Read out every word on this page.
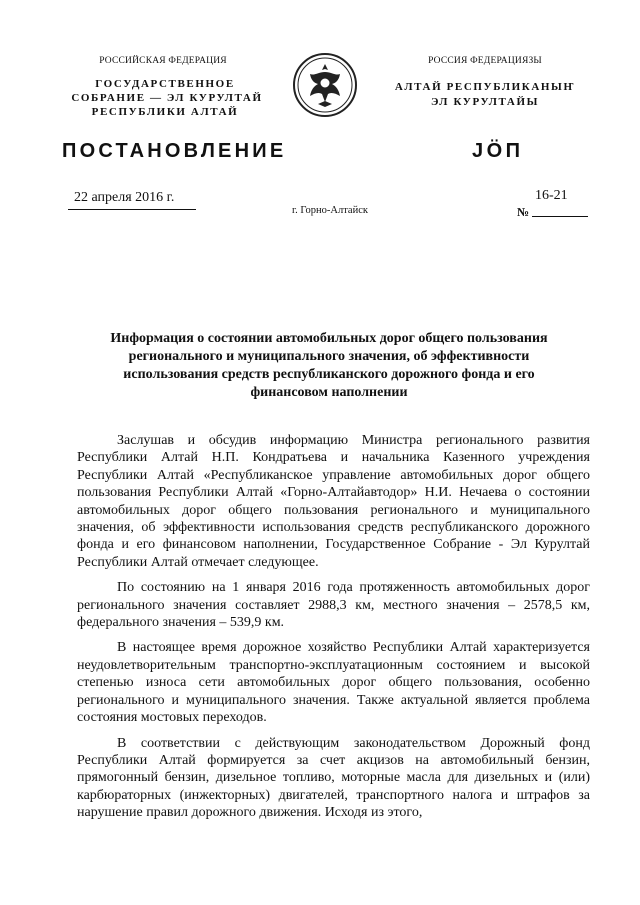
РОССИЙСКАЯ ФЕДЕРАЦИЯ
ГОСУДАРСТВЕННОЕ
СОБРАНИЕ — ЭЛ КУРУЛТАЙ
РЕСПУБЛИКИ АЛТАЙ
РОССИЯ ФЕДЕРАЦИЯЗЫ
АЛТАЙ РЕСПУБЛИКАНЫҤ
ЭЛ КУРУЛТАЙЫ
ПОСТАНОВЛЕНИЕ	ЈӦП
22 апреля 2016 г.
г. Горно-Алтайск
16-21
№
Информация о состоянии автомобильных дорог общего пользования регионального и муниципального значения, об эффективности использования средств республиканского дорожного фонда и его финансовом наполнении

Заслушав и обсудив информацию Министра регионального развития Республики Алтай Н.П. Кондратьева и начальника Казенного учреждения Республики Алтай «Республиканское управление автомобильных дорог общего пользования Республики Алтай «Горно-Алтайавтодор» Н.И. Нечаева о состоянии автомобильных дорог общего пользования регионального и муниципального значения, об эффективности использования средств республиканского дорожного фонда и его финансовом наполнении, Государственное Собрание - Эл Курултай Республики Алтай отмечает следующее.

По состоянию на 1 января 2016 года протяженность автомобильных дорог регионального значения составляет 2988,3 км, местного значения – 2578,5 км, федерального значения – 539,9 км.

В настоящее время дорожное хозяйство Республики Алтай характеризуется неудовлетворительным транспортно-эксплуатационным состоянием и высокой степенью износа сети автомобильных дорог общего пользования, особенно регионального и муниципального значения. Также актуальной является проблема состояния мостовых переходов.

В соответствии с действующим законодательством Дорожный фонд Республики Алтай формируется за счет акцизов на автомобильный бензин, прямогонный бензин, дизельное топливо, моторные масла для дизельных и (или) карбюраторных (инжекторных) двигателей, транспортного налога и штрафов за нарушение правил дорожного движения. Исходя из этого,
